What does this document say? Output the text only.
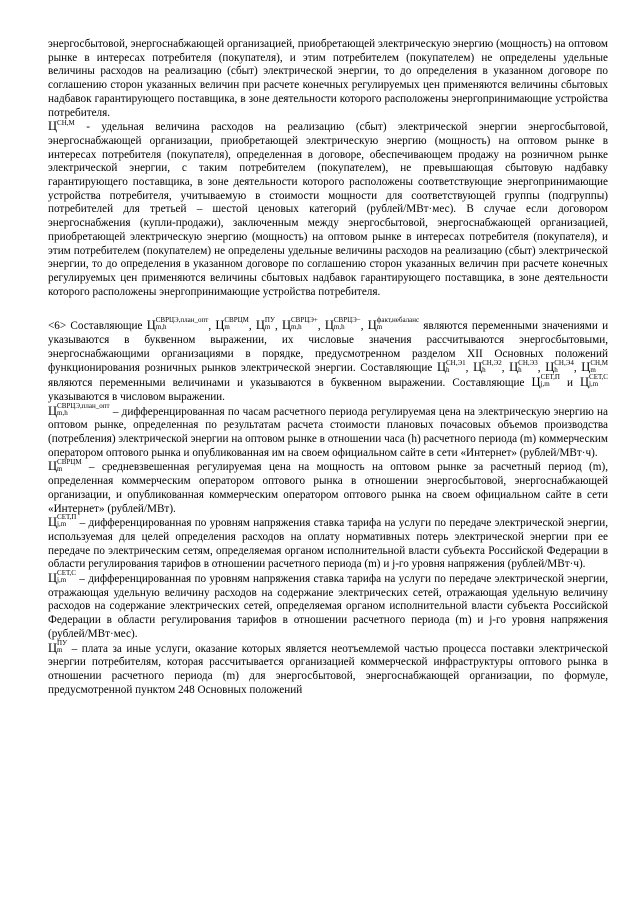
энергосбытовой, энергоснабжающей организацией, приобретающей электрическую энергию (мощность) на оптовом рынке в интересах потребителя (покупателя), и этим потребителем (покупателем) не определены удельные величины расходов на реализацию (сбыт) электрической энергии, то до определения в указанном договоре по соглашению сторон указанных величин при расчете конечных регулируемых цен применяются величины сбытовых надбавок гарантирующего поставщика, в зоне деятельности которого расположены энергопринимающие устройства потребителя.

$Ц^{СН,М}$ - удельная величина расходов на реализацию (сбыт) электрической энергии энергосбытовой, энергоснабжающей организации, приобретающей электрическую энергию (мощность) на оптовом рынке в интересах потребителя (покупателя), определенная в договоре, обеспечивающем продажу на розничном рынке электрической энергии, с таким потребителем (покупателем), не превышающая сбытовую надбавку гарантирующего поставщика, в зоне деятельности которого расположены соответствующие энергопринимающие устройства потребителя, учитываемую в стоимости мощности для соответствующей группы (подгруппы) потребителей для третьей – шестой ценовых категорий (рублей/МВт·мес). В случае если договором энергоснабжения (купли-продажи), заключенным между энергосбытовой, энергоснабжающей организацией, приобретающей электрическую энергию (мощность) на оптовом рынке в интересах потребителя (покупателя), и этим потребителем (покупателем) не определены удельные величины расходов на реализацию (сбыт) электрической энергии, то до определения в указанном договоре по соглашению сторон указанных величин при расчете конечных регулируемых цен применяются величины сбытовых надбавок гарантирующего поставщика, в зоне деятельности которого расположены энергопринимающие устройства потребителя.

<6> Составляющие Ц СВРЦЭ,план_опт
m,h	, Ц СВРЦМ
m	, Ц ПУ
m , Ц СВРЦЭ+
m,h	, Ц СВРЦЭ−
m,h	, Ц факт,небаланс
m	являются переменными значениями и указываются в буквенном выражении, их числовые значения рассчитываются энергосбытовыми, энергоснабжающими организациями в порядке, предусмотренном разделом XII Основных положений функционирования розничных рынков электрической энергии. Составляющие Ц СН,Э1
h	, Ц СН,Э2
h	, Ц СН,Э3
h	, Ц СН,Э4
h	, Ц СН,М
m
являются переменными величинами и указываются в буквенном выражении. Составляющие Ц СЕТ,П
j,m и Ц СЕТ,С
j,m
указываются в числовом выражении.

Ц СВРЦЭ,план_опт
m,h	– дифференцированная по часам расчетного периода регулируемая цена на электрическую энергию на оптовом рынке, определенная по результатам расчета стоимости плановых почасовых объемов производства (потребления) электрической энергии на оптовом рынке в отношении часа (h) расчетного периода (m) коммерческим оператором оптового рынка и опубликованная им на своем официальном сайте в сети «Интернет» (рублей/МВт·ч).

Ц СВРЦМ
m	– средневзвешенная регулируемая цена на мощность на оптовом рынке за расчетный период (m), определенная коммерческим оператором оптового рынка в отношении энергосбытовой, энергоснабжающей организации, и опубликованная коммерческим оператором оптового рынка на своем официальном сайте в сети «Интернет» (рублей/МВт).

Ц СЕТ,П
j,m – дифференцированная по уровням напряжения ставка тарифа на услуги по передаче электрической энергии, используемая для целей определения расходов на оплату нормативных потерь электрической энергии при ее передаче по электрическим сетям, определяемая органом исполнительной власти субъекта Российской Федерации в области регулирования тарифов в отношении расчетного периода (m) и j-го уровня напряжения (рублей/МВт·ч).

Ц СЕТ,С
j,m – дифференцированная по уровням напряжения ставка тарифа на услуги по передаче электрической энергии, отражающая удельную величину расходов на содержание электрических сетей, отражающая удельную величину расходов на содержание электрических сетей, определяемая органом исполнительной власти субъекта Российской Федерации в области регулирования тарифов в отношении расчетного периода (m) и j-го уровня напряжения (рублей/МВт·мес).

Ц ПУ
m – плата за иные услуги, оказание которых является неотъемлемой частью процесса поставки электрической энергии потребителям, которая рассчитывается организацией коммерческой инфраструктуры оптового рынка в отношении расчетного периода (m) для энергосбытовой, энергоснабжающей организации, по формуле, предусмотренной пунктом 248 Основных положений
